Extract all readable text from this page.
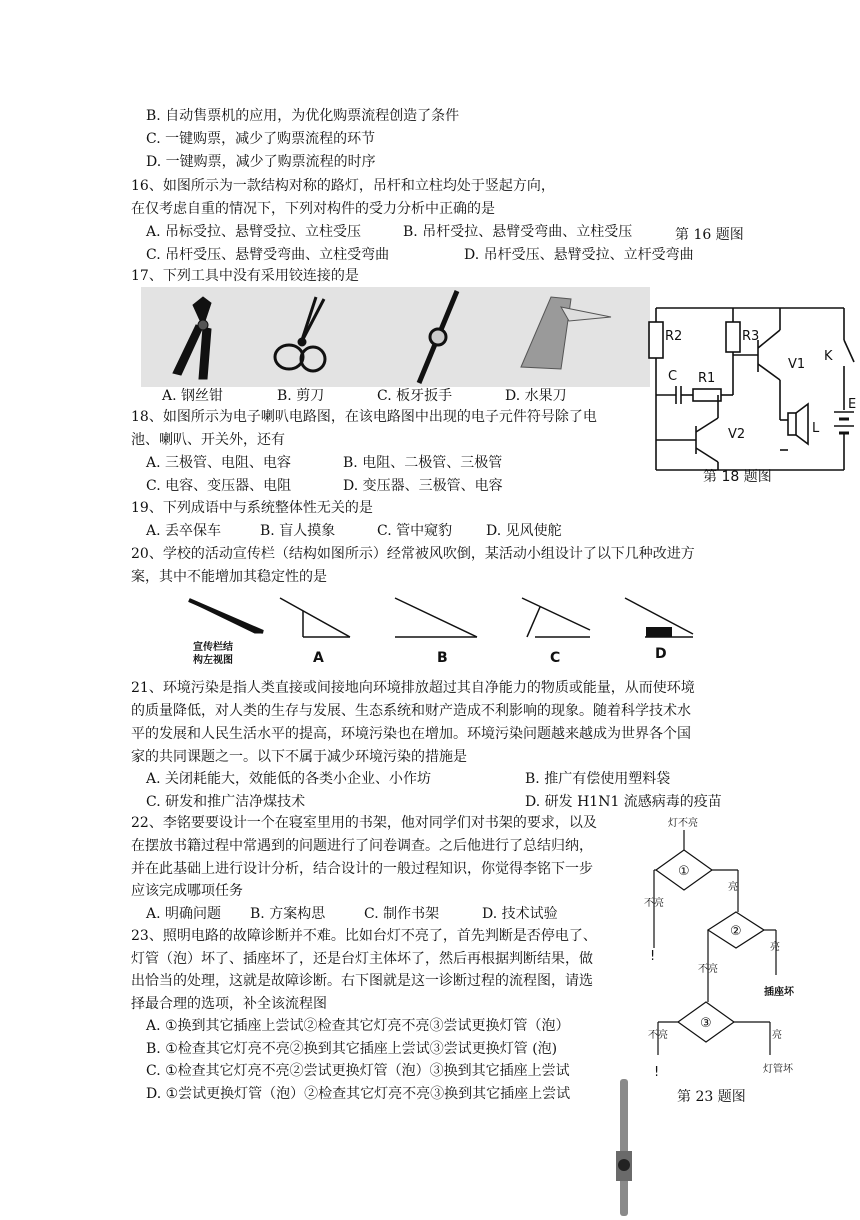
B. 自动售票机的应用，为优化购票流程创造了条件
C. 一键购票，减少了购票流程的环节
D. 一键购票，减少了购票流程的时序
16、如图所示为一款结构对称的路灯，吊杆和立柱均处于竖起方向，
在仅考虑自重的情况下，下列对构件的受力分析中正确的是
A. 吊标受拉、悬臂受拉、立柱受压	B. 吊杆受拉、悬臂受弯曲、立柱受压	第 16 题图
C. 吊杆受压、悬臂受弯曲、立柱受弯曲	D. 吊杆受压、悬臂受拉、立杆受弯曲
17、下列工具中没有采用铰连接的是
A. 钢丝钳	B. 剪刀	C. 板牙扳手	D. 水果刀
R2	R3
R1
C
V1
V2
K
L
E
第 18 题图
18、如图所示为电子喇叭电路图，在该电路图中出现的电子元件符号除了电
池、喇叭、开关外，还有
A. 三极管、电阻、电容	B. 电阻、二极管、三极管
C. 电容、变压器、电阻	D. 变压器、三极管、电容
19、下列成语中与系统整体性无关的是
A. 丢卒保车	B. 盲人摸象	C. 管中窥豹 D. 见风使舵
20、学校的活动宣传栏（结构如图所示）经常被风吹倒，某活动小组设计了以下几种改进方
案，其中不能增加其稳定性的是
宣传栏结
构左视图	A	B	C	D
21、环境污染是指人类直接或间接地向环境排放超过其自净能力的物质或能量，从而使环境
的质量降低，对人类的生存与发展、生态系统和财产造成不利影响的现象。随着科学技术水
平的发展和人民生活水平的提高，环境污染也在增加。环境污染问题越来越成为世界各个国
家的共同课题之一。以下不属于减少环境污染的措施是
A. 关闭耗能大，效能低的各类小企业、小作坊	B. 推广有偿使用塑料袋
C. 研发和推广洁净煤技术	D. 研发 H1N1 流感病毒的疫苗
22、李铭要要设计一个在寝室里用的书架，他对同学们对书架的要求，以及
在摆放书籍过程中常遇到的问题进行了问卷调查。之后他进行了总结归纳，
并在此基础上进行设计分析，结合设计的一般过程知识，你觉得李铭下一步
应该完成哪项任务
A. 明确问题 B. 方案构思	C. 制作书架	D. 技术试验
23、照明电路的故障诊断并不难。比如台灯不亮了，首先判断是否停电了、
灯管（泡）坏了、插座坏了，还是台灯主体坏了，然后再根据判断结果，做
出恰当的处理，这就是故障诊断。右下图就是这一诊断过程的流程图，请选
择最合理的选项，补全该流程图
A. ①换到其它插座上尝试②检查其它灯亮不亮③尝试更换灯管（泡）
B. ①检查其它灯亮不亮②换到其它插座上尝试③尝试更换灯管 (泡)
C. ①检查其它灯亮不亮②尝试更换灯管（泡）③换到其它插座上尝试
D. ①尝试更换灯管（泡）②检查其它灯亮不亮③换到其它插座上尝试
灯不亮
①
②
③
亮
不亮
亮
不亮
插座坏
不亮	亮
灯管坏
!
!
第 23 题图
